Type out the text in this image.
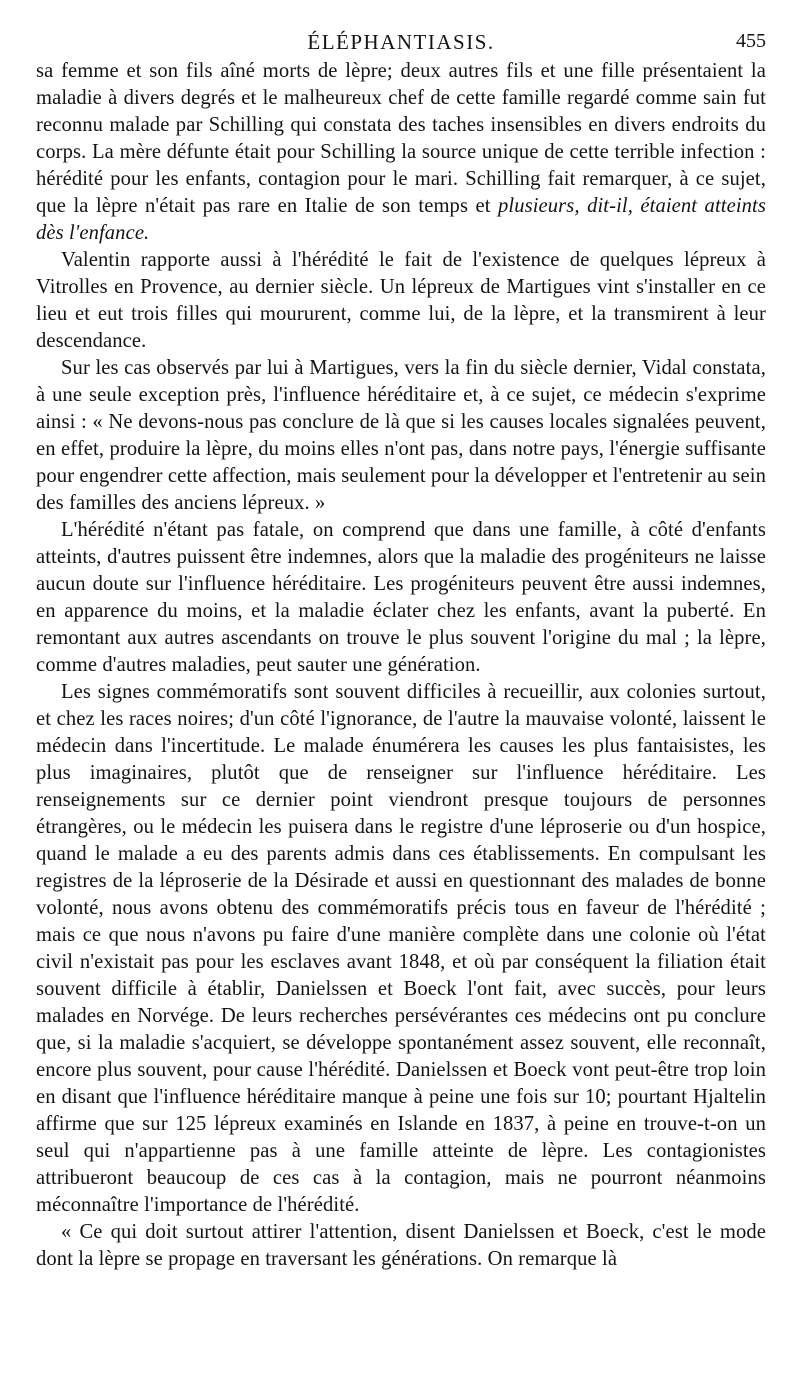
ÉLÉPHANTIASIS.	455

sa femme et son fils aîné morts de lèpre; deux autres fils et une fille présentaient la maladie à divers degrés et le malheureux chef de cette famille regardé comme sain fut reconnu malade par Schilling qui constata des taches insensibles en divers endroits du corps. La mère défunte était pour Schilling la source unique de cette terrible infection : hérédité pour les enfants, contagion pour le mari. Schilling fait remarquer, à ce sujet, que la lèpre n'était pas rare en Italie de son temps et plusieurs, dit-il, étaient atteints dès l'enfance.

Valentin rapporte aussi à l'hérédité le fait de l'existence de quelques lépreux à Vitrolles en Provence, au dernier siècle. Un lépreux de Martigues vint s'installer en ce lieu et eut trois filles qui moururent, comme lui, de la lèpre, et la transmirent à leur descendance.

Sur les cas observés par lui à Martigues, vers la fin du siècle dernier, Vidal constata, à une seule exception près, l'influence héréditaire et, à ce sujet, ce médecin s'exprime ainsi : « Ne devons-nous pas conclure de là que si les causes locales signalées peuvent, en effet, produire la lèpre, du moins elles n'ont pas, dans notre pays, l'énergie suffisante pour engendrer cette affection, mais seulement pour la développer et l'entretenir au sein des familles des anciens lépreux. »

L'hérédité n'étant pas fatale, on comprend que dans une famille, à côté d'enfants atteints, d'autres puissent être indemnes, alors que la maladie des progéniteurs ne laisse aucun doute sur l'influence héréditaire. Les progéniteurs peuvent être aussi indemnes, en apparence du moins, et la maladie éclater chez les enfants, avant la puberté. En remontant aux autres ascendants on trouve le plus souvent l'origine du mal ; la lèpre, comme d'autres maladies, peut sauter une génération.

Les signes commémoratifs sont souvent difficiles à recueillir, aux colonies surtout, et chez les races noires; d'un côté l'ignorance, de l'autre la mauvaise volonté, laissent le médecin dans l'incertitude. Le malade énumérera les causes les plus fantaisistes, les plus imaginaires, plutôt que de renseigner sur l'influence héréditaire. Les renseignements sur ce dernier point viendront presque toujours de personnes étrangères, ou le médecin les puisera dans le registre d'une léproserie ou d'un hospice, quand le malade a eu des parents admis dans ces établissements. En compulsant les registres de la léproserie de la Désirade et aussi en questionnant des malades de bonne volonté, nous avons obtenu des commémoratifs précis tous en faveur de l'hérédité ; mais ce que nous n'avons pu faire d'une manière complète dans une colonie où l'état civil n'existait pas pour les esclaves avant 1848, et où par conséquent la filiation était souvent difficile à établir, Danielssen et Boeck l'ont fait, avec succès, pour leurs malades en Norvége. De leurs recherches persévérantes ces médecins ont pu conclure que, si la maladie s'acquiert, se développe spontanément assez souvent, elle reconnaît, encore plus souvent, pour cause l'hérédité. Danielssen et Boeck vont peut-être trop loin en disant que l'influence héréditaire manque à peine une fois sur 10; pourtant Hjaltelin affirme que sur 125 lépreux examinés en Islande en 1837, à peine en trouve-t-on un seul qui n'appartienne pas à une famille atteinte de lèpre. Les contagionistes attribueront beaucoup de ces cas à la contagion, mais ne pourront néanmoins méconnaître l'importance de l'hérédité.

« Ce qui doit surtout attirer l'attention, disent Danielssen et Boeck, c'est le mode dont la lèpre se propage en traversant les générations. On remarque là
